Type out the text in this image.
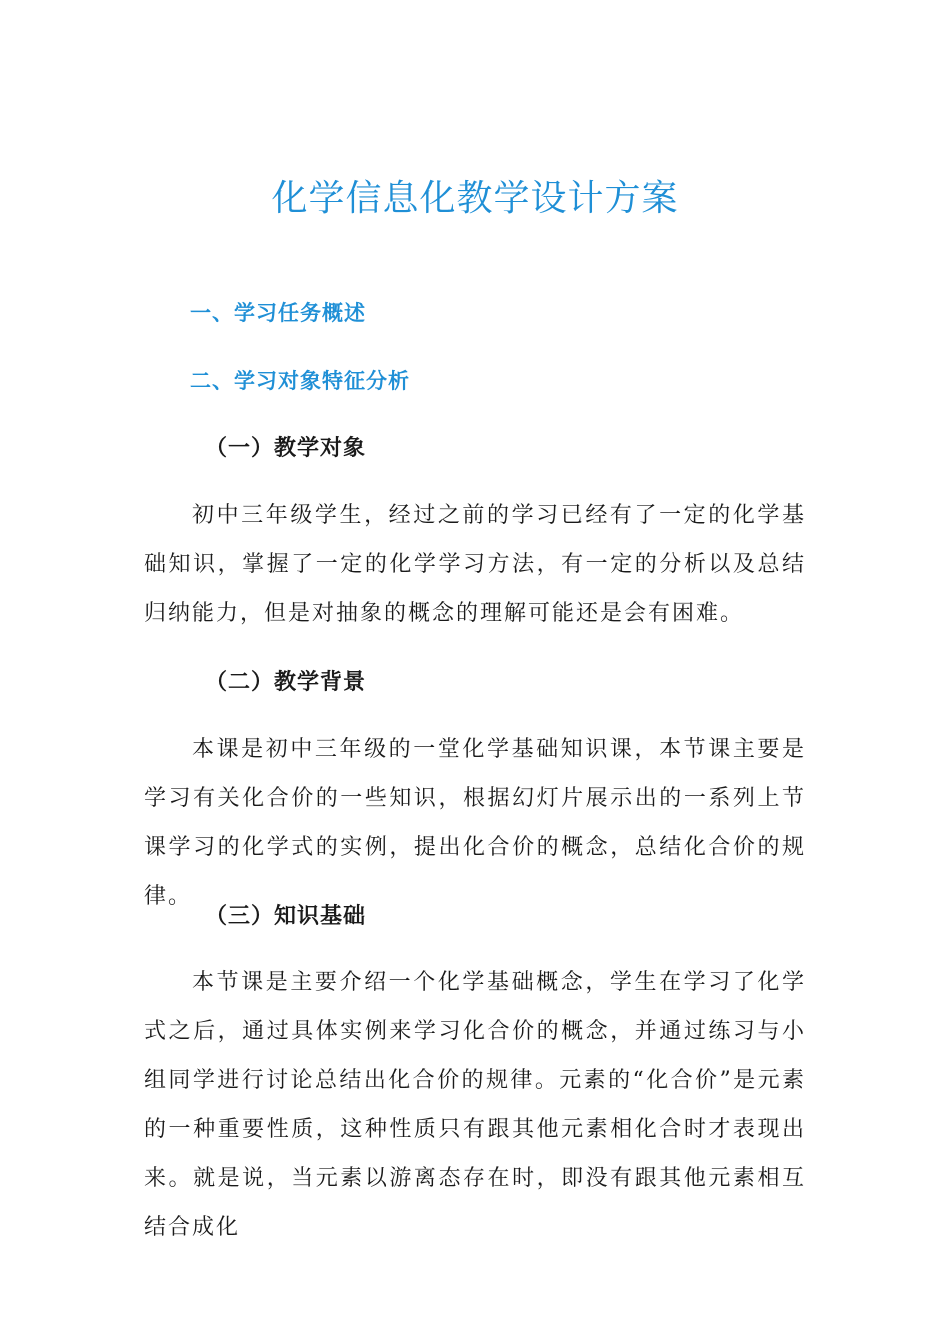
化学信息化教学设计方案
一、学习任务概述
二、学习对象特征分析
（一）教学对象

初中三年级学生，经过之前的学习已经有了一定的化学基础知识，掌握了一定的化学学习方法，有一定的分析以及总结归纳能力，但是对抽象的概念的理解可能还是会有困难。

（二）教学背景

本课是初中三年级的一堂化学基础知识课，本节课主要是学习有关化合价的一些知识，根据幻灯片展示出的一系列上节课学习的化学式的实例，提出化合价的概念，总结化合价的规律。

（三）知识基础

本节课是主要介绍一个化学基础概念，学生在学习了化学式之后，通过具体实例来学习化合价的概念，并通过练习与小组同学进行讨论总结出化合价的规律。元素的“化合价”是元素的一种重要性质，这种性质只有跟其他元素相化合时才表现出来。就是说，当元素以游离态存在时，即没有跟其他元素相互结合成化
